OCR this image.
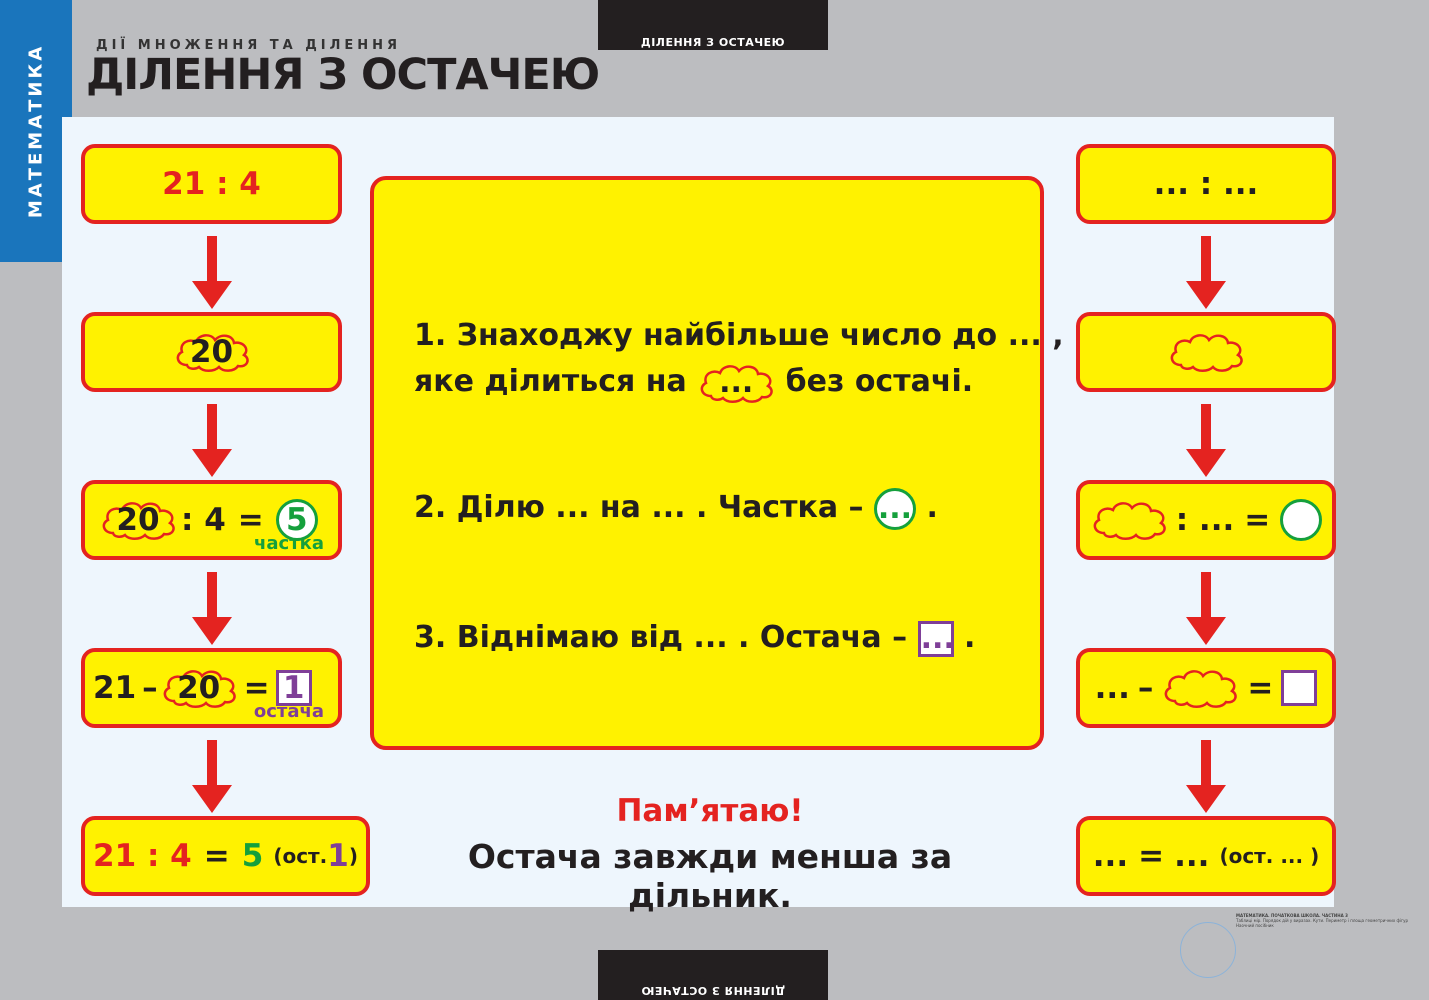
МАТЕМАТИКА
ДІЛЕННЯ З ОСТАЧЕЮ
ДІЛЕННЯ З ОСТАЧЕЮ
ДІЇ МНОЖЕННЯ ТА ДІЛЕННЯ
ДІЛЕННЯ З ОСТАЧЕЮ
21
:
4
20
20 : 4 = 5
частка
21 – 20 = 1
остача
21
:
4 = 5 (ост. 1 )
1. Знаходжу найбільше число до ... ,
яке ділиться на	...	без остачі.
2. Ділю ... на ... . Частка – ... .
3. Віднімаю від ... . Остача – ... .
Пам’ятаю!
Остача завжди менша за дільник.
... : ...
: ... =
... –	=
... = ... (ост. ... )
МАТЕМАТИКА. ПОЧАТКОВА ШКОЛА. ЧАСТИНА 3
Таблиці мір. Порядок дій у виразах. Кути. Периметр і площа геометричних фігур
Наочний посібник
